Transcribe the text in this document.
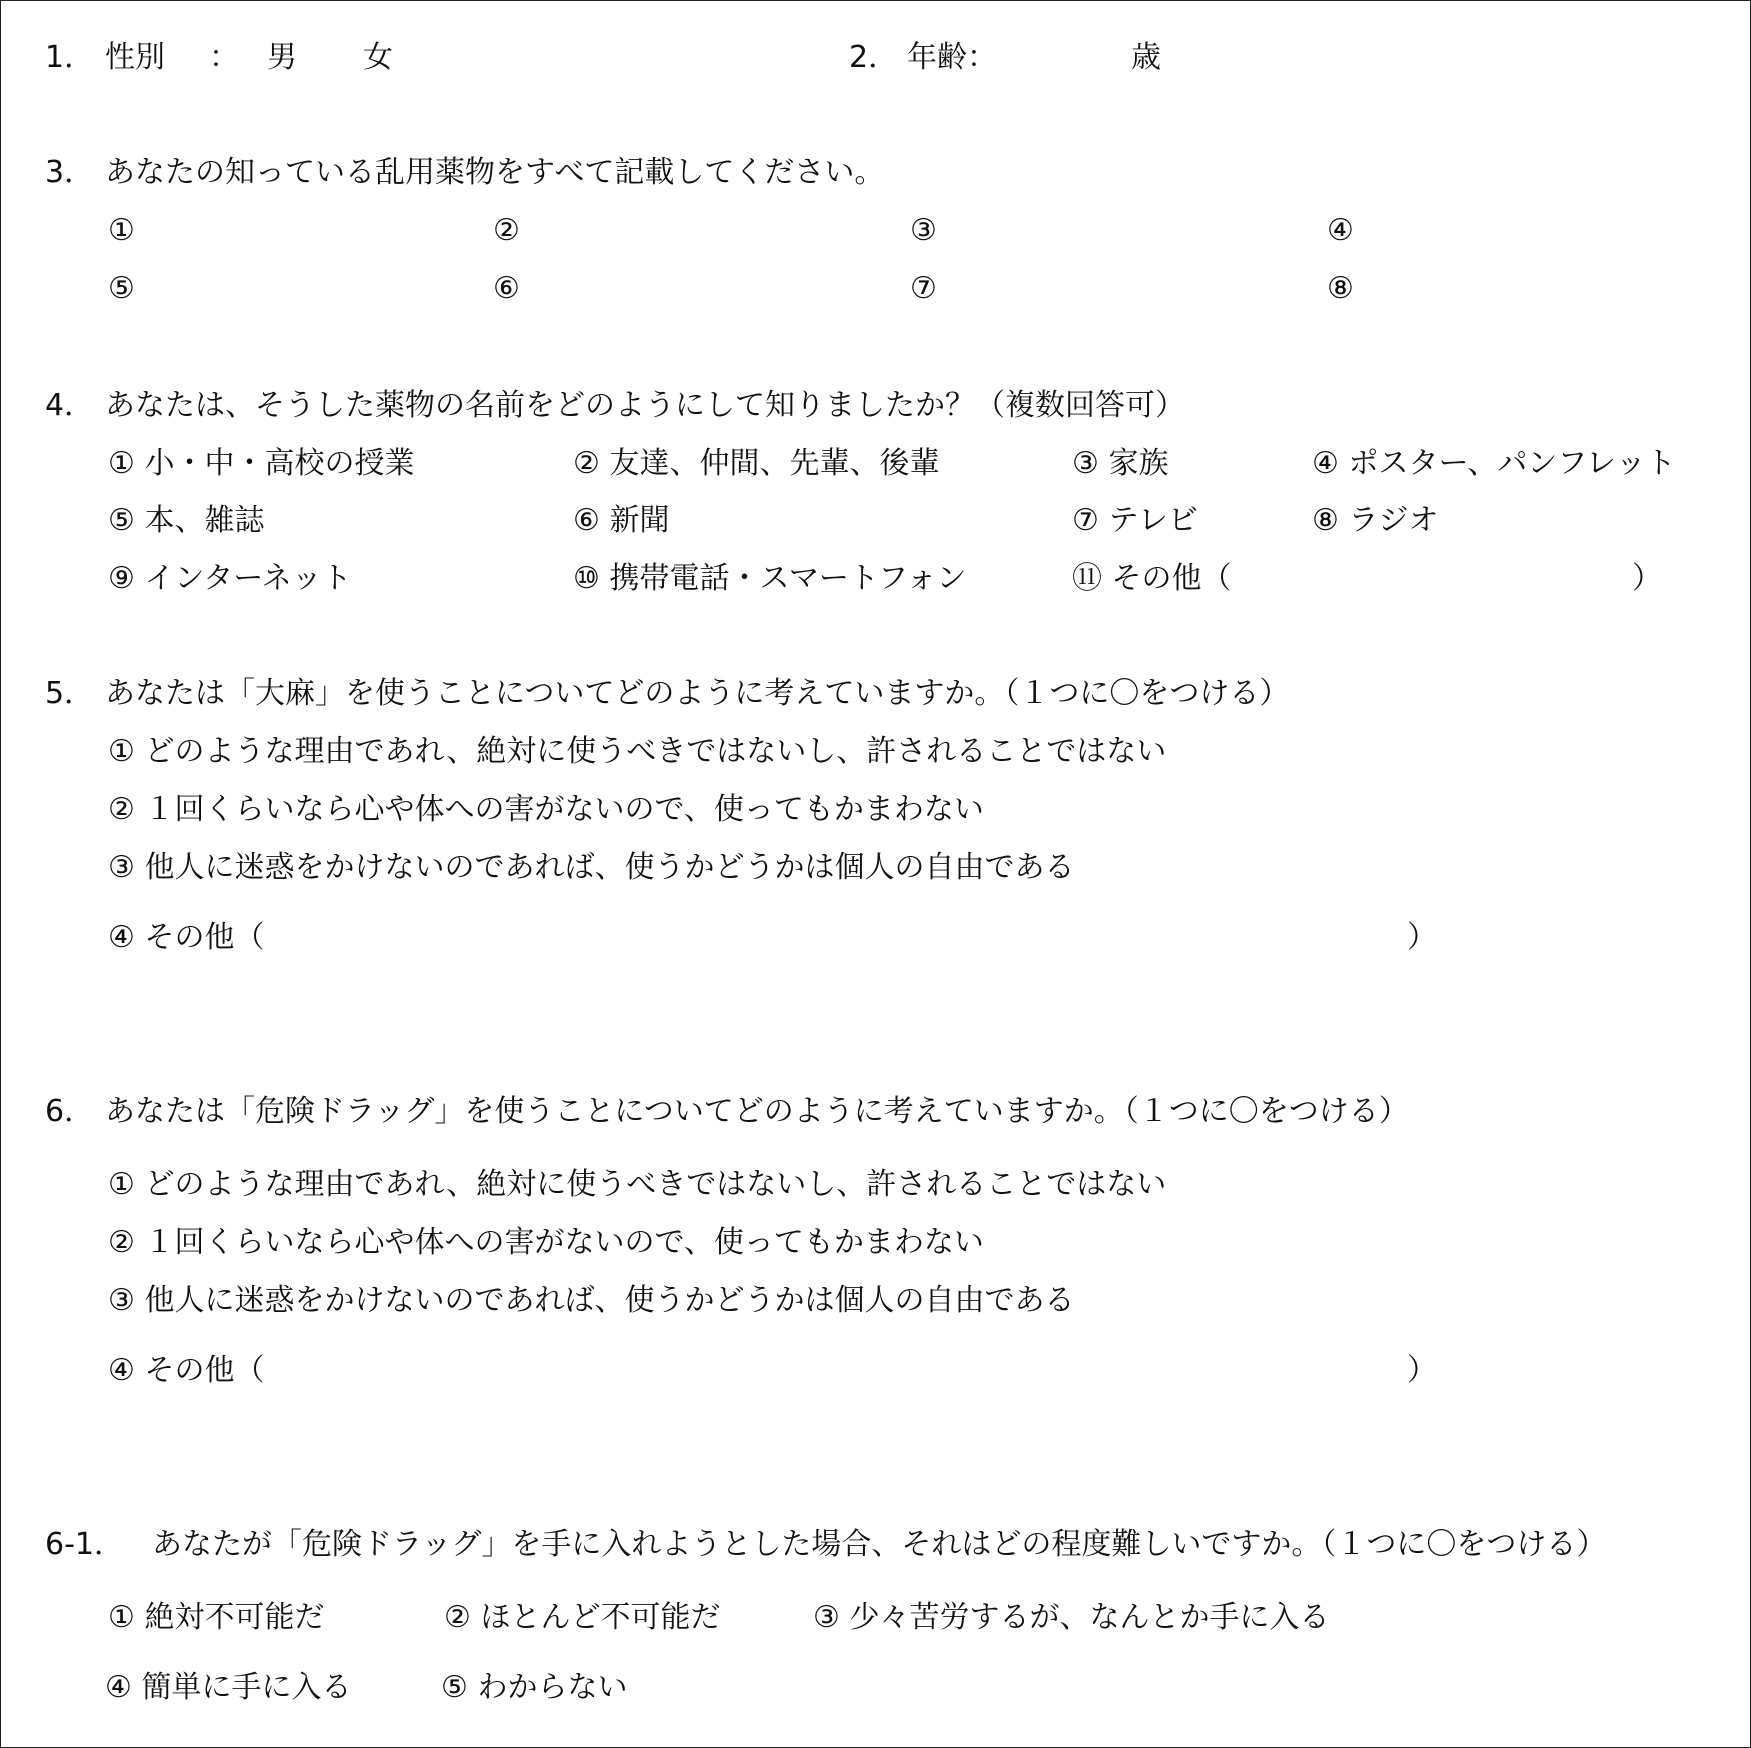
1． 性別 ： 男 女	2． 年齢：	歳
3． あなたの知っている乱用薬物をすべて記載してください。
①	②	③	④
⑤	⑥	⑦	⑧
4． あなたは、そうした薬物の名前をどのようにして知りましたか？（複数回答可）
① 小・中・高校の授業	② 友達、仲間、先輩、後輩	③ 家族	④ ポスター、パンフレット
⑤ 本、雑誌	⑥ 新聞	⑦ テレビ	⑧ ラジオ
⑨ インターネット	⑩ 携帯電話・スマートフォン	⑪ その他（	）
5． あなたは「大麻」を使うことについてどのように考えていますか。（１つに〇をつける）
① どのような理由であれ、絶対に使うべきではないし、許されることではない
② １回くらいなら心や体への害がないので、使ってもかまわない
③ 他人に迷惑をかけないのであれば、使うかどうかは個人の自由である
④ その他（	）
6． あなたは「危険ドラッグ」を使うことについてどのように考えていますか。（１つに〇をつける）
① どのような理由であれ、絶対に使うべきではないし、許されることではない
② １回くらいなら心や体への害がないので、使ってもかまわない
③ 他人に迷惑をかけないのであれば、使うかどうかは個人の自由である
④ その他（	）
6-1． あなたが「危険ドラッグ」を手に入れようとした場合、それはどの程度難しいですか。（１つに〇をつける）
① 絶対不可能だ	② ほとんど不可能だ	③ 少々苦労するが、なんとか手に入る
④ 簡単に手に入る	⑤ わからない
